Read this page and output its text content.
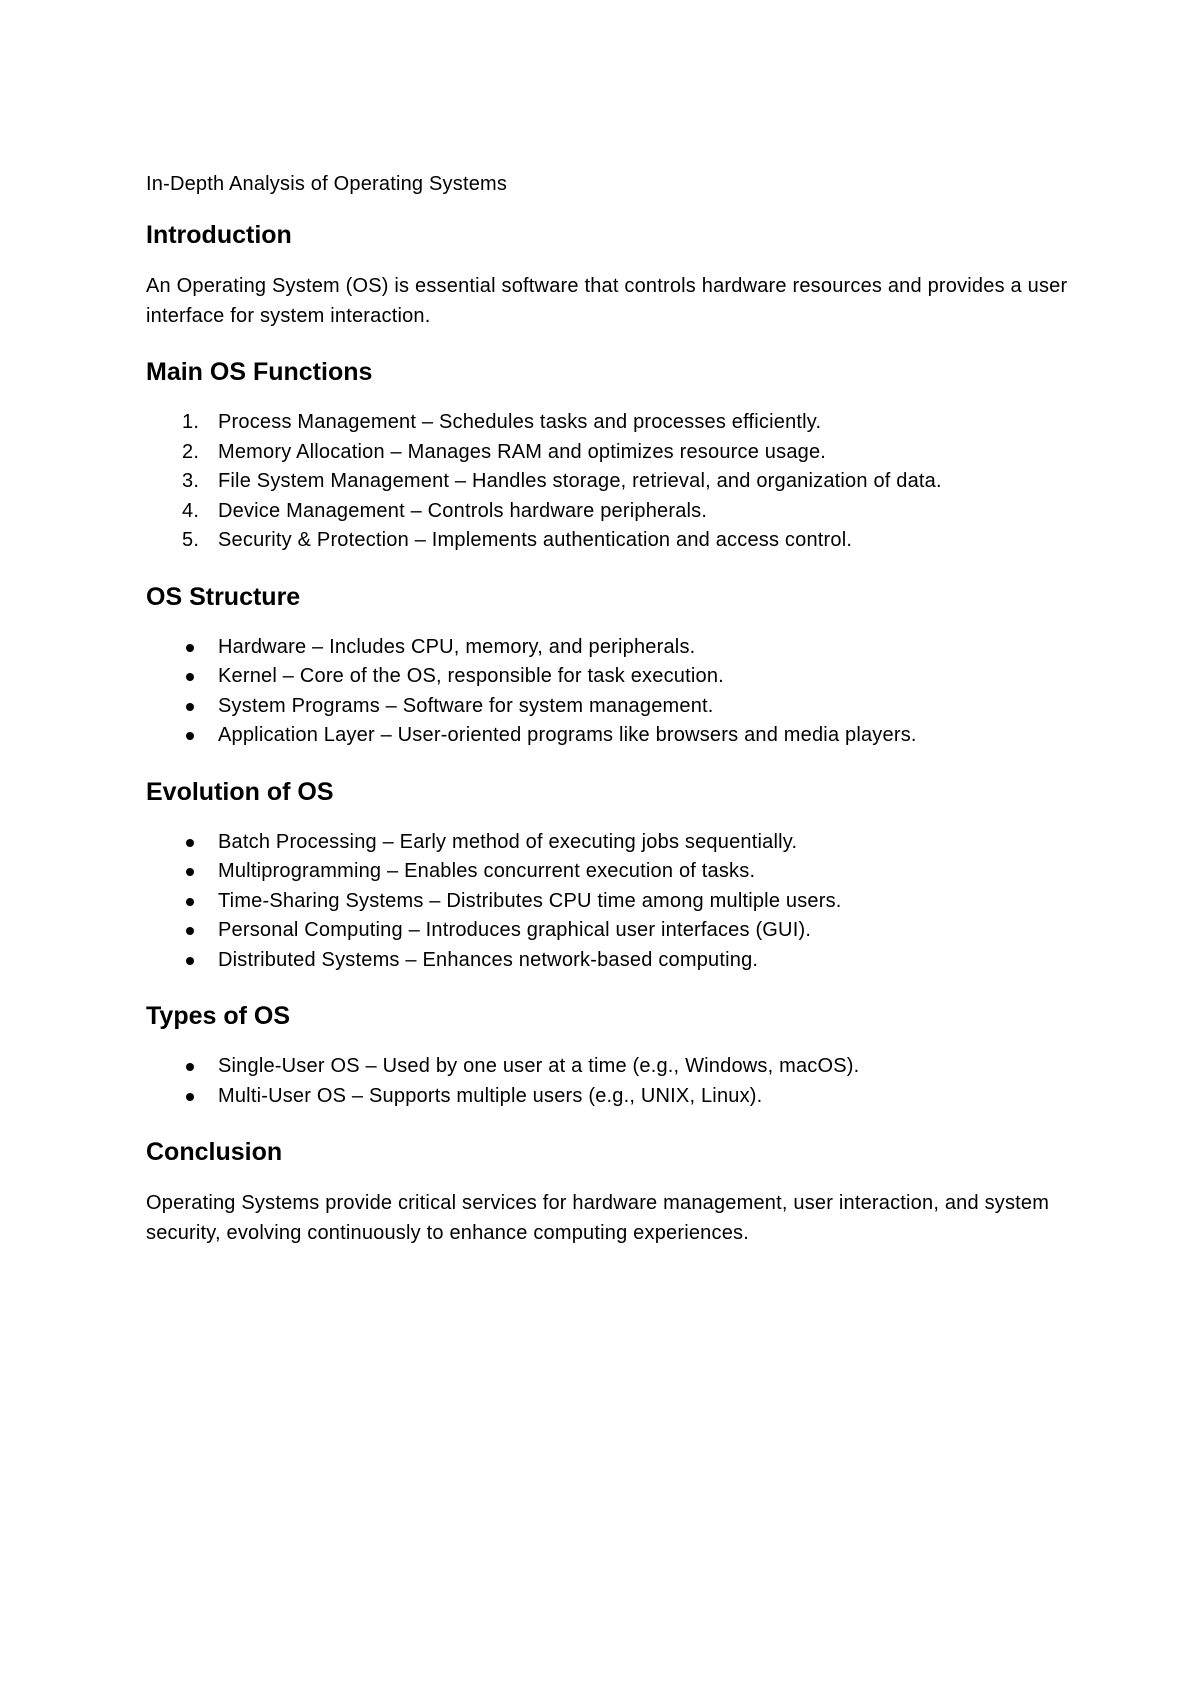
In-Depth Analysis of Operating Systems
Introduction

An Operating System (OS) is essential software that controls hardware resources and provides a user interface for system interaction.

Main OS Functions
1. Process Management – Schedules tasks and processes efficiently.
2. Memory Allocation – Manages RAM and optimizes resource usage.
3. File System Management – Handles storage, retrieval, and organization of data.
4. Device Management – Controls hardware peripherals.
5. Security & Protection – Implements authentication and access control.
OS Structure
Hardware – Includes CPU, memory, and peripherals.
Kernel – Core of the OS, responsible for task execution.
System Programs – Software for system management.
Application Layer – User-oriented programs like browsers and media players.
Evolution of OS
Batch Processing – Early method of executing jobs sequentially.
Multiprogramming – Enables concurrent execution of tasks.
Time-Sharing Systems – Distributes CPU time among multiple users.
Personal Computing – Introduces graphical user interfaces (GUI).
Distributed Systems – Enhances network-based computing.
Types of OS
Single-User OS – Used by one user at a time (e.g., Windows, macOS).
Multi-User OS – Supports multiple users (e.g., UNIX, Linux).
Conclusion

Operating Systems provide critical services for hardware management, user interaction, and system security, evolving continuously to enhance computing experiences.
